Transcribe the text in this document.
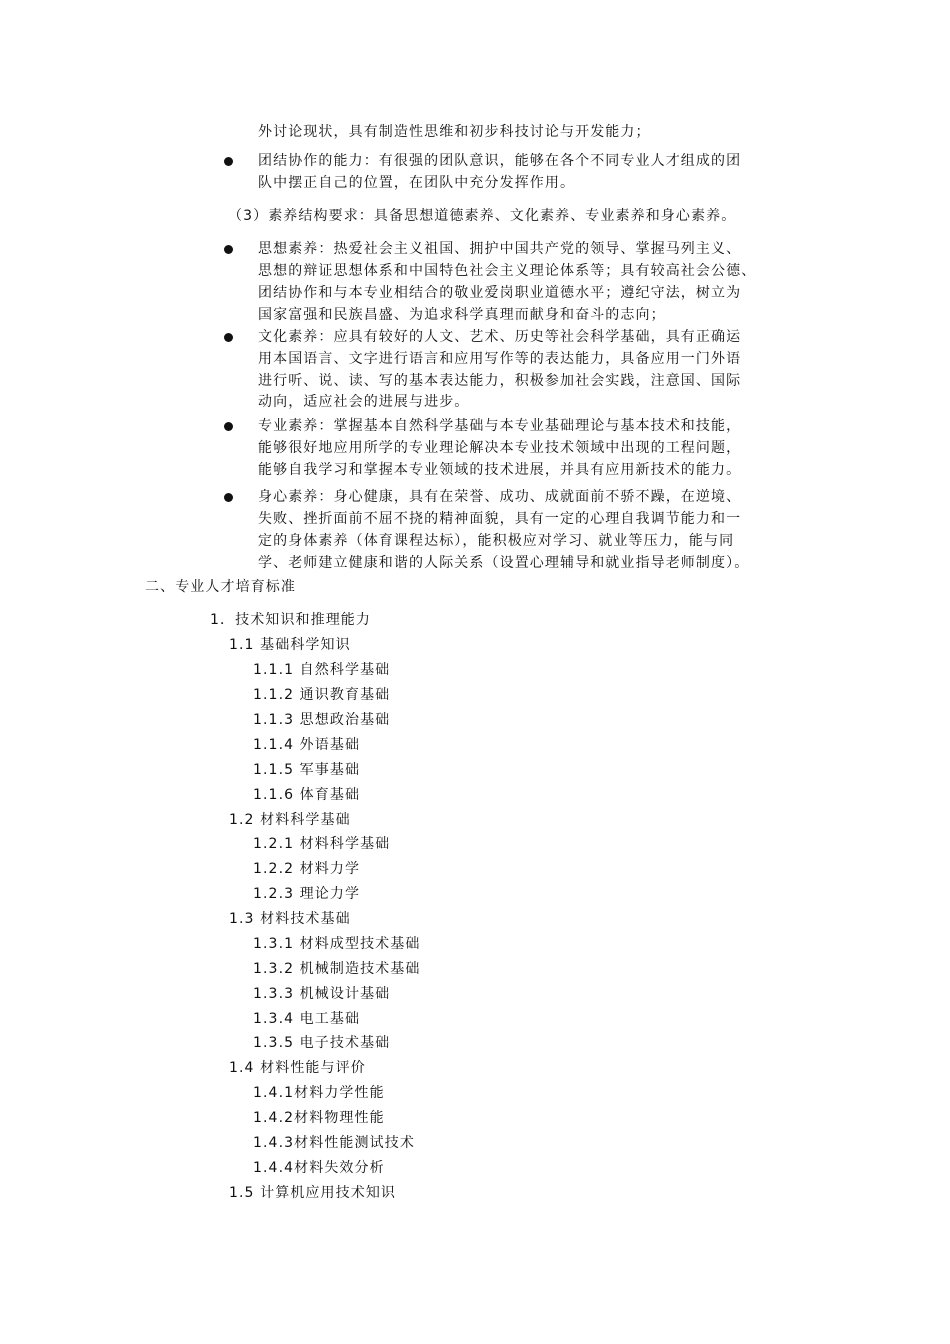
外讨论现状，具有制造性思维和初步科技讨论与开发能力；
团结协作的能力：有很强的团队意识，能够在各个不同专业人才组成的团
队中摆正自己的位置，在团队中充分发挥作用。
（3）素养结构要求：具备思想道德素养、文化素养、专业素养和身心素养。
思想素养：热爱社会主义祖国、拥护中国共产党的领导、掌握马列主义、
思想的辩证思想体系和中国特色社会主义理论体系等；具有较高社会公德、
团结协作和与本专业相结合的敬业爱岗职业道德水平；遵纪守法，树立为
国家富强和民族昌盛、为追求科学真理而献身和奋斗的志向；
文化素养：应具有较好的人文、艺术、历史等社会科学基础，具有正确运
用本国语言、文字进行语言和应用写作等的表达能力，具备应用一门外语
进行听、说、读、写的基本表达能力，积极参加社会实践，注意国、国际
动向，适应社会的进展与进步。
专业素养：掌握基本自然科学基础与本专业基础理论与基本技术和技能，
能够很好地应用所学的专业理论解决本专业技术领域中出现的工程问题，
能够自我学习和掌握本专业领域的技术进展，并具有应用新技术的能力。
身心素养：身心健康，具有在荣誉、成功、成就面前不骄不躁，在逆境、
失败、挫折面前不屈不挠的精神面貌，具有一定的心理自我调节能力和一
定的身体素养（体育课程达标），能积极应对学习、就业等压力，能与同
学、老师建立健康和谐的人际关系（设置心理辅导和就业指导老师制度）。
二、专业人才培育标准
1．技术知识和推理能力
1.1 基础科学知识
1.1.1 自然科学基础
1.1.2 通识教育基础
1.1.3 思想政治基础
1.1.4 外语基础
1.1.5 军事基础
1.1.6 体育基础
1.2 材料科学基础
1.2.1 材料科学基础
1.2.2 材料力学
1.2.3 理论力学
1.3 材料技术基础
1.3.1 材料成型技术基础
1.3.2 机械制造技术基础
1.3.3 机械设计基础
1.3.4 电工基础
1.3.5 电子技术基础
1.4 材料性能与评价
1.4.1材料力学性能
1.4.2材料物理性能
1.4.3材料性能测试技术
1.4.4材料失效分析
1.5 计算机应用技术知识
